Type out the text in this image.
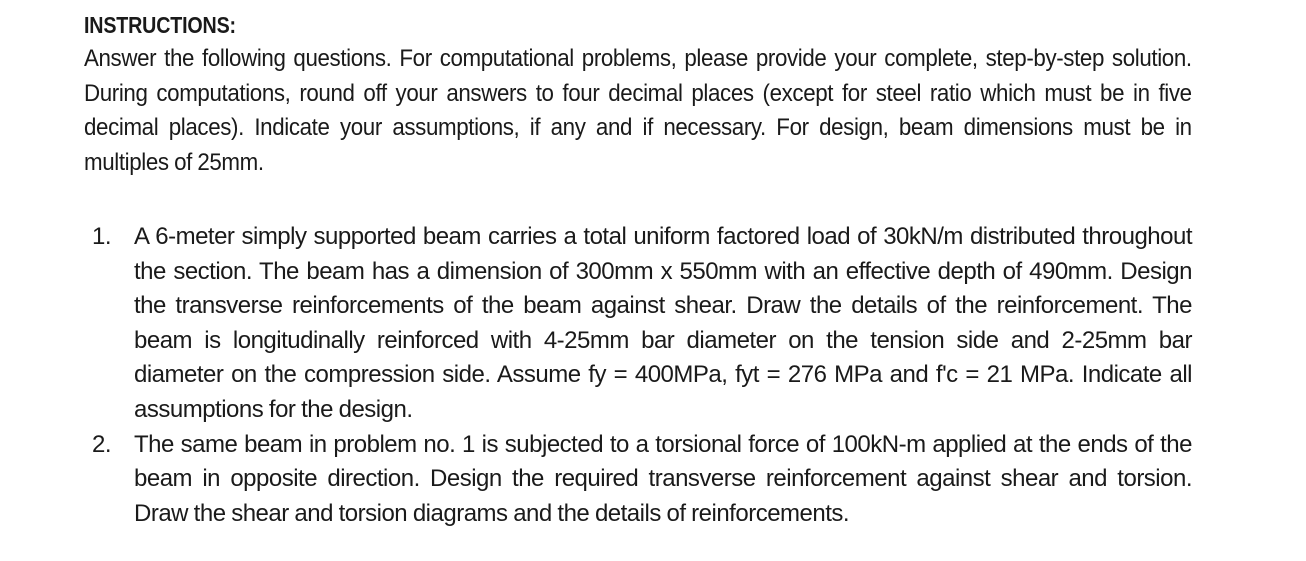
INSTRUCTIONS:

Answer the following questions. For computational problems, please provide your complete, step-by-step solution. During computations, round off your answers to four decimal places (except for steel ratio which must be in five decimal places). Indicate your assumptions, if any and if necessary. For design, beam dimensions must be in multiples of 25mm.

1. A 6-meter simply supported beam carries a total uniform factored load of 30kN/m distributed throughout the section. The beam has a dimension of 300mm x 550mm with an effective depth of 490mm. Design the transverse reinforcements of the beam against shear. Draw the details of the reinforcement. The beam is longitudinally reinforced with 4-25mm bar diameter on the tension side and 2-25mm bar diameter on the compression side. Assume fy = 400MPa, fyt = 276 MPa and f'c = 21 MPa. Indicate all assumptions for the design.
2. The same beam in problem no. 1 is subjected to a torsional force of 100kN-m applied at the ends of the beam in opposite direction. Design the required transverse reinforcement against shear and torsion. Draw the shear and torsion diagrams and the details of reinforcements.
